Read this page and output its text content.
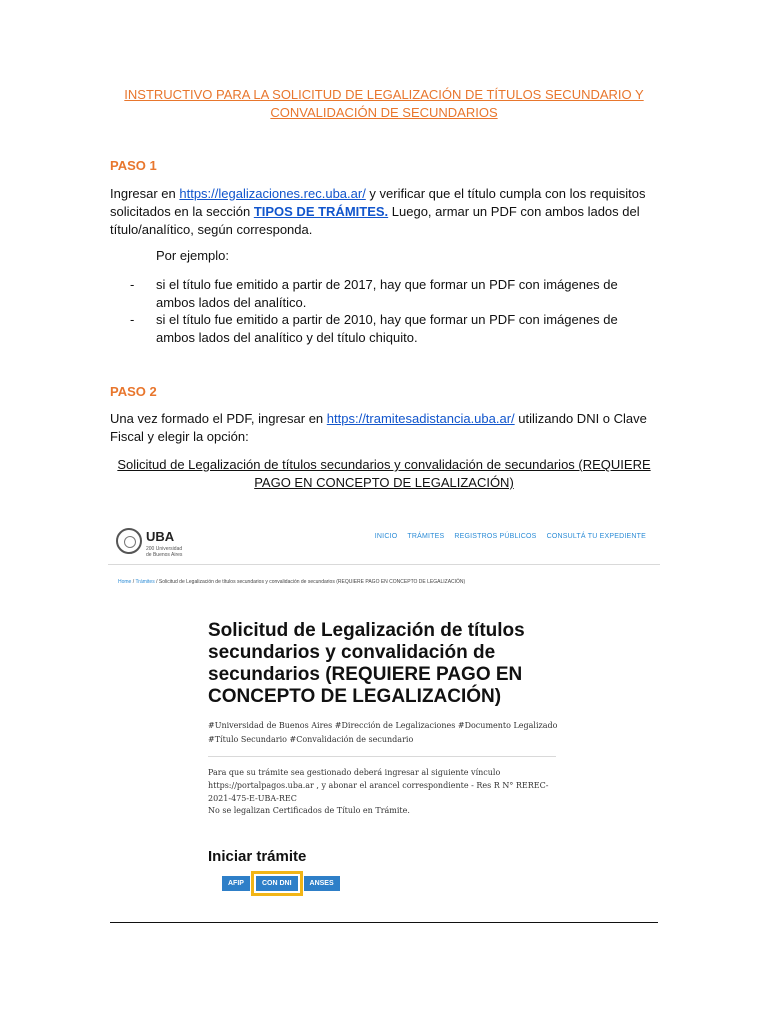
INSTRUCTIVO PARA LA SOLICITUD DE LEGALIZACIÓN DE TÍTULOS SECUNDARIO Y
CONVALIDACIÓN DE SECUNDARIOS
PASO 1
Ingresar en https://legalizaciones.rec.uba.ar/ y verificar que el título cumpla con los requisitos solicitados en la sección TIPOS DE TRÁMITES. Luego, armar un PDF con ambos lados del título/analítico, según corresponda.
Por ejemplo:
- si el título fue emitido a partir de 2017, hay que formar un PDF con imágenes de ambos lados del analítico.
- si el título fue emitido a partir de 2010, hay que formar un PDF con imágenes de ambos lados del analítico y del título chiquito.
PASO 2
Una vez formado el PDF, ingresar en https://tramitesadistancia.uba.ar/ utilizando DNI o Clave Fiscal y elegir la opción:
Solicitud de Legalización de títulos secundarios y convalidación de secundarios (REQUIERE PAGO EN CONCEPTO DE LEGALIZACIÓN)
UBA
200 Universidad de Buenos Aires
INICIO TRÁMITES REGISTROS PÚBLICOS CONSULTÁ TU EXPEDIENTE
Home / Trámites / Solicitud de Legalización de títulos secundarios y convalidación de secundarios (REQUIERE PAGO EN CONCEPTO DE LEGALIZACIÓN)
Solicitud de Legalización de títulos secundarios y convalidación de secundarios (REQUIERE PAGO EN CONCEPTO DE LEGALIZACIÓN)
#Universidad de Buenos Aires #Dirección de Legalizaciones #Documento Legalizado #Título Secundario #Convalidación de secundario
Para que su trámite sea gestionado deberá ingresar al siguiente vínculo https://portalpagos.uba.ar , y abonar el arancel correspondiente - Res R N° REREC-2021-475-E-UBA-REC
No se legalizan Certificados de Título en Trámite.
Iniciar trámite
AFIP	CON DNI	ANSES
